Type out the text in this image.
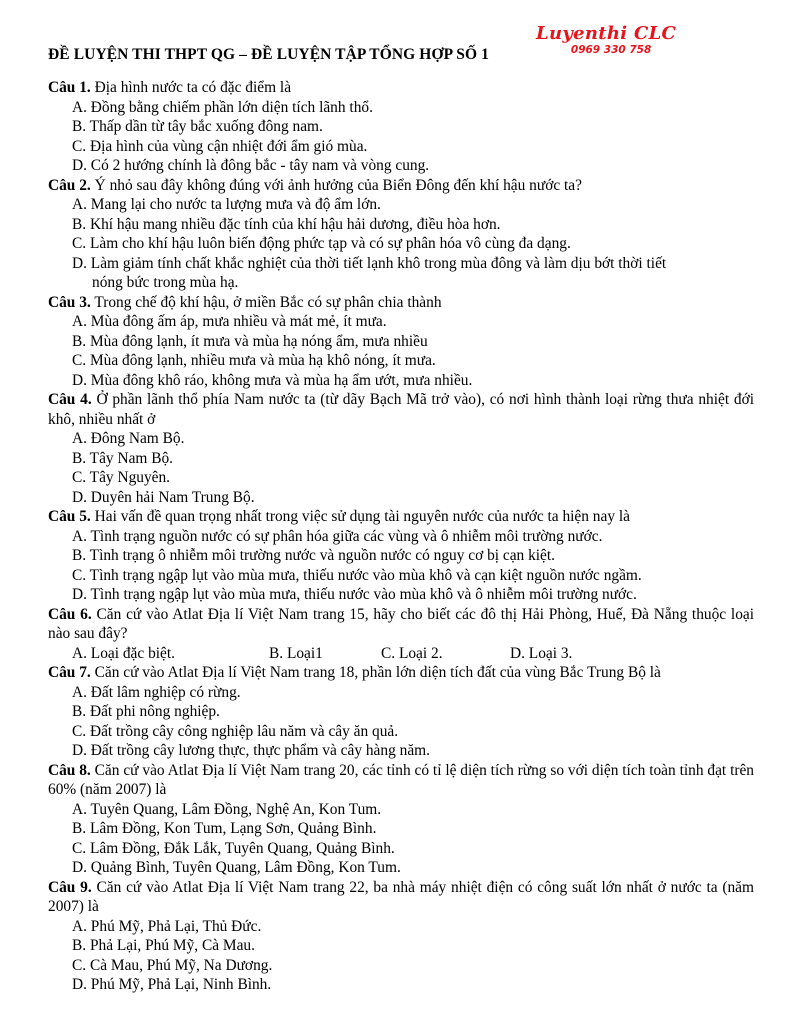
ĐỀ LUYỆN THI THPT QG – ĐỀ LUYỆN TẬP TỔNG HỢP SỐ 1
Luyenthi CLC
0969 330 758
Câu 1. Địa hình nước ta có đặc điểm là
A. Đồng bằng chiếm phần lớn diện tích lãnh thổ.
B. Thấp dần từ tây bắc xuống đông nam.
C. Địa hình của vùng cận nhiệt đới ẩm gió mùa.
D. Có 2 hướng chính là đông bắc - tây nam và vòng cung.
Câu 2. Ý nhỏ sau đây không đúng với ảnh hưởng của Biển Đông đến khí hậu nước ta?
A. Mang lại cho nước ta lượng mưa và độ ẩm lớn.
B. Khí hậu mang nhiều đặc tính của khí hậu hải dương, điều hòa hơn.
C. Làm cho khí hậu luôn biến động phức tạp và có sự phân hóa vô cùng đa dạng.
D. Làm giảm tính chất khắc nghiệt của thời tiết lạnh khô trong mùa đông và làm dịu bớt thời tiết
nóng bức trong mùa hạ.
Câu 3. Trong chế độ khí hậu, ở miền Bắc có sự phân chia thành
A. Mùa đông ấm áp, mưa nhiều và mát mẻ, ít mưa.
B. Mùa đông lạnh, ít mưa và mùa hạ nóng ẩm, mưa nhiều
C. Mùa đông lạnh, nhiều mưa và mùa hạ khô nóng, ít mưa.
D. Mùa đông khô ráo, không mưa và mùa hạ ẩm ướt, mưa nhiều.
Câu 4. Ở phần lãnh thổ phía Nam nước ta (từ dãy Bạch Mã trở vào), có nơi hình thành loại rừng thưa nhiệt đới khô, nhiều nhất ở
A. Đông Nam Bộ.
B. Tây Nam Bộ.
C. Tây Nguyên.
D. Duyên hải Nam Trung Bộ.
Câu 5. Hai vấn đề quan trọng nhất trong việc sử dụng tài nguyên nước của nước ta hiện nay là
A. Tình trạng nguồn nước có sự phân hóa giữa các vùng và ô nhiễm môi trường nước.
B. Tình trạng ô nhiễm môi trường nước và nguồn nước có nguy cơ bị cạn kiệt.
C. Tình trạng ngập lụt vào mùa mưa, thiếu nước vào mùa khô và cạn kiệt nguồn nước ngầm.
D. Tình trạng ngập lụt vào mùa mưa, thiếu nước vào mùa khô và ô nhiễm môi trường nước.
Câu 6. Căn cứ vào Atlat Địa lí Việt Nam trang 15, hãy cho biết các đô thị Hải Phòng, Huế, Đà Nẵng thuộc loại nào sau đây?
A. Loại đặc biệt.	B. Loại1	C. Loại 2.	D. Loại 3.
Câu 7. Căn cứ vào Atlat Địa lí Việt Nam trang 18, phần lớn diện tích đất của vùng Bắc Trung Bộ là
A. Đất lâm nghiệp có rừng.
B. Đất phi nông nghiệp.
C. Đất trồng cây công nghiệp lâu năm và cây ăn quả.
D. Đất trồng cây lương thực, thực phẩm và cây hàng năm.
Câu 8. Căn cứ vào Atlat Địa lí Việt Nam trang 20, các tỉnh có tỉ lệ diện tích rừng so với diện tích toàn tỉnh đạt trên 60% (năm 2007) là
A. Tuyên Quang, Lâm Đồng, Nghệ An, Kon Tum.
B. Lâm Đồng, Kon Tum, Lạng Sơn, Quảng Bình.
C. Lâm Đồng, Đắk Lắk, Tuyên Quang, Quảng Bình.
D. Quảng Bình, Tuyên Quang, Lâm Đồng, Kon Tum.
Câu 9. Căn cứ vào Atlat Địa lí Việt Nam trang 22, ba nhà máy nhiệt điện có công suất lớn nhất ở nước ta (năm 2007) là
A. Phú Mỹ, Phả Lại, Thủ Đức.
B. Phả Lại, Phú Mỹ, Cà Mau.
C. Cà Mau, Phú Mỹ, Na Dương.
D. Phú Mỹ, Phả Lại, Ninh Bình.
